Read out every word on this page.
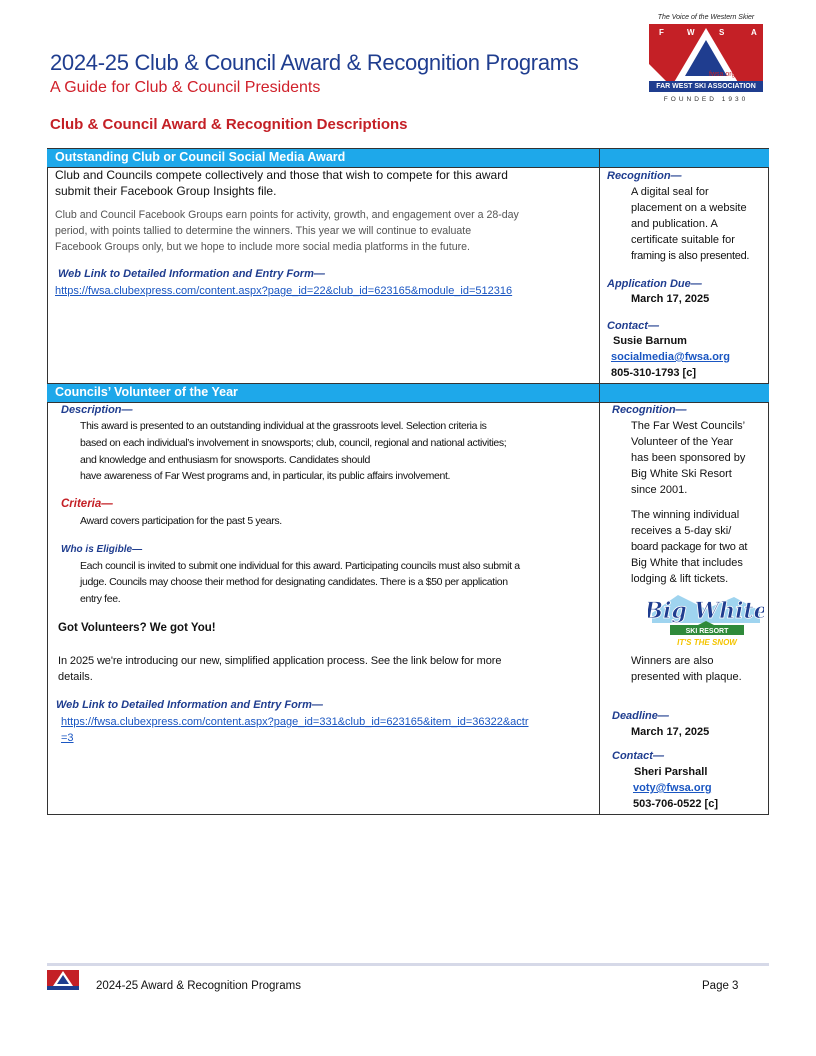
2024-25 Club & Council Award & Recognition Programs
A Guide for Club & Council Presidents
Club & Council Award & Recognition Descriptions
The Voice of the Western Skier
F	W	S	A
fwsa.org
FAR WEST SKI ASSOCIATION
FOUNDED 1930
Outstanding Club or Council Social Media Award
Club and Councils compete collectively and those that wish to compete for this award
submit their Facebook Group Insights file.
Club and Council Facebook Groups earn points for activity, growth, and engagement over a 28-day
period, with points tallied to determine the winners. This year we will continue to evaluate
Facebook Groups only, but we hope to include more social media platforms in the future.
Web Link to Detailed Information and Entry Form—
https://fwsa.clubexpress.com/content.aspx?page_id=22&club_id=623165&module_id=512316
Recognition—
A digital seal for
placement on a website
and publication. A
certificate suitable for
framing is also presented.
Application Due—
March 17, 2025
Contact—
Susie Barnum
socialmedia@fwsa.org
805-310-1793 [c]
Councils’ Volunteer of the Year
Description—
This award is presented to an outstanding individual at the grassroots level. Selection criteria is
based on each individual’s involvement in snowsports; club, council, regional and national activities;
and knowledge and enthusiasm for snowsports. Candidates should
have awareness of Far West programs and, in particular, its public affairs involvement.
Criteria—
Award covers participation for the past 5 years.
Who is Eligible—
Each council is invited to submit one individual for this award. Participating councils must also submit a
judge. Councils may choose their method for designating candidates. There is a $50 per application
entry fee.
Got Volunteers? We got You!
In 2025 we're introducing our new, simplified application process. See the link below for more
details.
Web Link to Detailed Information and Entry Form—
https://fwsa.clubexpress.com/content.aspx?page_id=331&club_id=623165&item_id=36322&actr
=3
Recognition—
The Far West Councils’
Volunteer of the Year
has been sponsored by
Big White Ski Resort
since 2001.
The winning individual
receives a 5-day ski/
board package for two at
Big White that includes
lodging & lift tickets.
Big White
SKI RESORT
IT'S THE SNOW
Winners are also
presented with plaque.
Deadline—
March 17, 2025
Contact—
Sheri Parshall
voty@fwsa.org
503-706-0522 [c]
2024-25 Award & Recognition Programs	Page 3
